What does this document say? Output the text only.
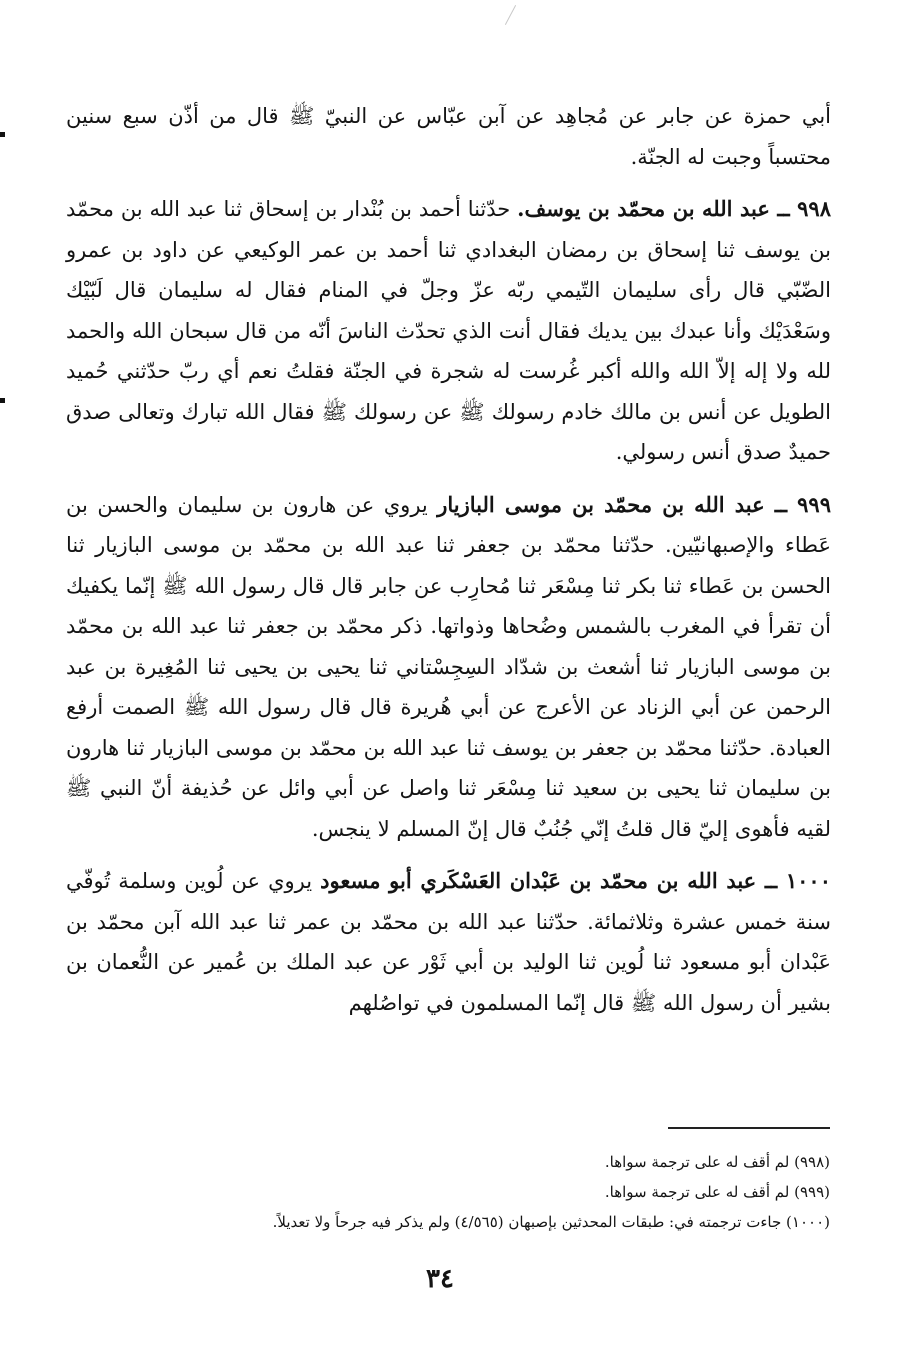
أبي حمزة عن جابر عن مُجاهِد عن آبن عبّاس عن النبيّ ﷺ قال من أذّن سبع سنين محتسباً وجبت له الجنّة.

٩٩٨ ــ عبد الله بن محمّد بن يوسف. حدّثنا أحمد بن بُنْدار بن إسحاق ثنا عبد الله بن محمّد بن يوسف ثنا إسحاق بن رمضان البغدادي ثنا أحمد بن عمر الوكيعي عن داود بن عمرو الضّبّي قال رأى سليمان التّيمي ربّه عزّ وجلّ في المنام فقال له سليمان قال لَبّيْك وسَعْدَيْك وأنا عبدك بين يديك فقال أنت الذي تحدّث الناسَ أنّه من قال سبحان الله والحمد لله ولا إله إلاّ الله والله أكبر غُرست له شجرة في الجنّة فقلتُ نعم أي ربّ حدّثني حُميد الطويل عن أنس بن مالك خادم رسولك ﷺ عن رسولك ﷺ فقال الله تبارك وتعالى صدق حميدٌ صدق أنس رسولي.

٩٩٩ ــ عبد الله بن محمّد بن موسى البازيار يروي عن هارون بن سليمان والحسن بن عَطاء والإصبهانيّين. حدّثنا محمّد بن جعفر ثنا عبد الله بن محمّد بن موسى البازيار ثنا الحسن بن عَطاء ثنا بكر ثنا مِسْعَر ثنا مُحارِب عن جابر قال قال رسول الله ﷺ إنّما يكفيك أن تقرأ في المغرب بالشمس وضُحاها وذواتها. ذكر محمّد بن جعفر ثنا عبد الله بن محمّد بن موسى البازيار ثنا أشعث بن شدّاد السِجِسْتاني ثنا يحيى بن يحيى ثنا المُغِيرة بن عبد الرحمن عن أبي الزناد عن الأعرج عن أبي هُريرة قال قال رسول الله ﷺ الصمت أرفع العبادة. حدّثنا محمّد بن جعفر بن يوسف ثنا عبد الله بن محمّد بن موسى البازيار ثنا هارون بن سليمان ثنا يحيى بن سعيد ثنا مِسْعَر ثنا واصل عن أبي وائل عن حُذيفة أنّ النبي ﷺ لقيه فأهوى إليّ قال قلتُ إنّي جُنُبٌ قال إنّ المسلم لا ينجس.

١٠٠٠ ــ عبد الله بن محمّد بن عَبْدان العَسْكَري أبو مسعود يروي عن لُوين وسلمة تُوفّي سنة خمس عشرة وثلاثمائة. حدّثنا عبد الله بن محمّد بن عمر ثنا عبد الله آبن محمّد بن عَبْدان أبو مسعود ثنا لُوين ثنا الوليد بن أبي ثَوْر عن عبد الملك بن عُمير عن النُّعمان بن بشير أن رسول الله ﷺ قال إنّما المسلمون في تواصُلهم

(٩٩٨) لم أقف له على ترجمة سواها.

(٩٩٩) لم أقف له على ترجمة سواها.

(١٠٠٠) جاءت ترجمته في: طبقات المحدثين بإصبهان (٤/٥٦٥) ولم يذكر فيه جرحاً ولا تعديلاً.

٣٤
